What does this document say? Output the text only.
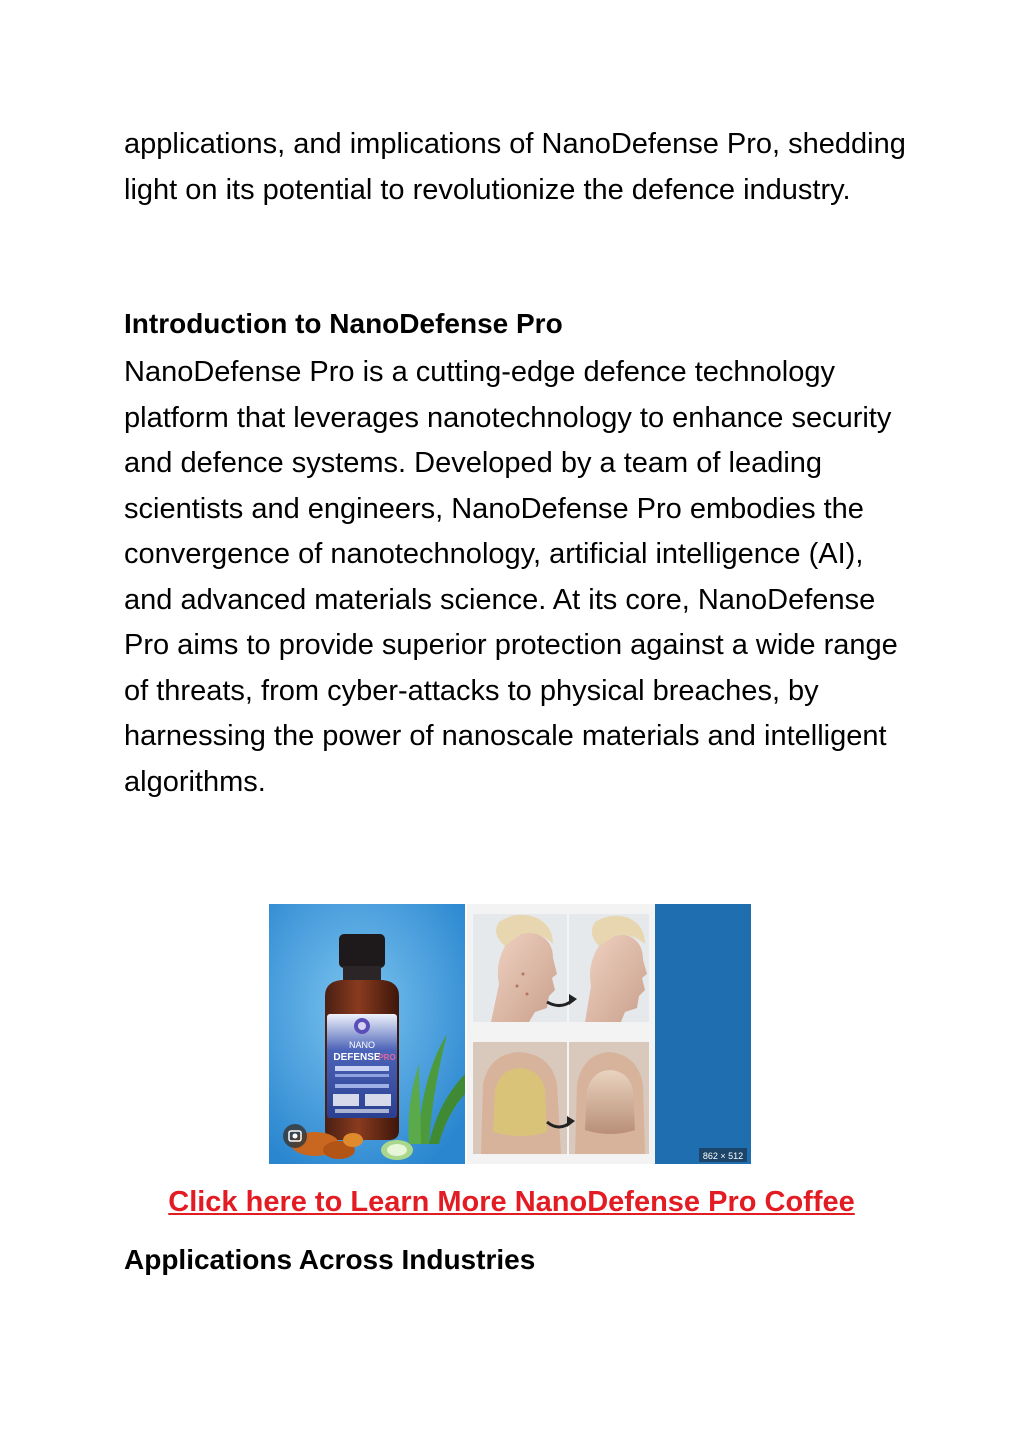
applications, and implications of NanoDefense Pro, shedding light on its potential to revolutionize the defence industry.

Introduction to NanoDefense Pro

NanoDefense Pro is a cutting-edge defence technology platform that leverages nanotechnology to enhance security and defence systems. Developed by a team of leading scientists and engineers, NanoDefense Pro embodies the convergence of nanotechnology, artificial intelligence (AI), and advanced materials science. At its core, NanoDefense Pro aims to provide superior protection against a wide range of threats, from cyber-attacks to physical breaches, by harnessing the power of nanoscale materials and intelligent algorithms.

NANO
DEFENSE
PRO
862 × 512
Click here to Learn More NanoDefense Pro Coffee
Applications Across Industries
